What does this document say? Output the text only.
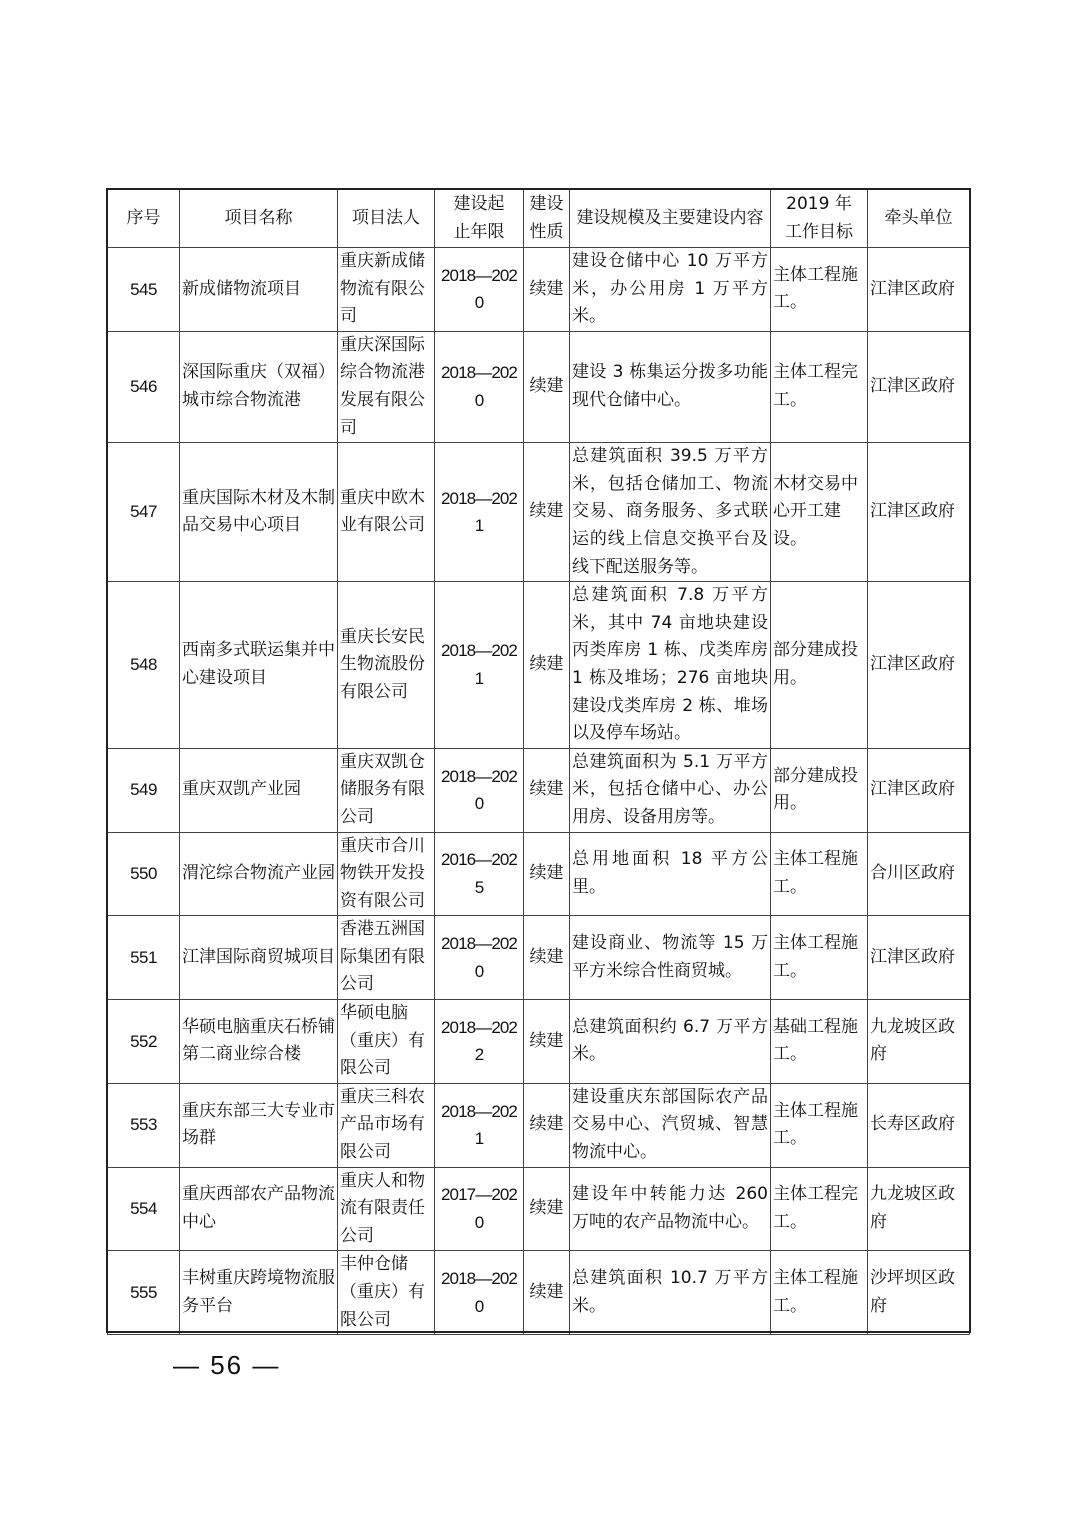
序号	项目名称	项目法人	建设起止年限	建设性质	建设规模及主要建设内容	2019 年工作目标	牵头单位
545	新成储物流项目	重庆新成储物流有限公司	2018—2020	续建	建设仓储中心 10 万平方米，办公用房 1 万平方米。	主体工程施工。	江津区政府
546	深国际重庆（双福）城市综合物流港	重庆深国际综合物流港发展有限公司	2018—2020	续建	建设 3 栋集运分拨多功能现代仓储中心。	主体工程完工。	江津区政府
547	重庆国际木材及木制品交易中心项目	重庆中欧木业有限公司	2018—2021	续建	总建筑面积 39.5 万平方米，包括仓储加工、物流交易、商务服务、多式联运的线上信息交换平台及线下配送服务等。	木材交易中心开工建设。	江津区政府
548	西南多式联运集并中心建设项目	重庆长安民生物流股份有限公司	2018—2021	续建	总建筑面积 7.8 万平方米，其中 74 亩地块建设丙类库房 1 栋、戊类库房 1 栋及堆场；276 亩地块建设戊类库房 2 栋、堆场以及停车场站。	部分建成投用。	江津区政府
549	重庆双凯产业园	重庆双凯仓储服务有限公司	2018—2020	续建	总建筑面积为 5.1 万平方米，包括仓储中心、办公用房、设备用房等。	部分建成投用。	江津区政府
550	渭沱综合物流产业园	重庆市合川物铁开发投资有限公司	2016—2025	续建	总用地面积 18 平方公里。	主体工程施工。	合川区政府
551	江津国际商贸城项目	香港五洲国际集团有限公司	2018—2020	续建	建设商业、物流等 15 万平方米综合性商贸城。	主体工程施工。	江津区政府
552	华硕电脑重庆石桥铺第二商业综合楼	华硕电脑（重庆）有限公司	2018—2022	续建	总建筑面积约 6.7 万平方米。	基础工程施工。	九龙坡区政府
553	重庆东部三大专业市场群	重庆三科农产品市场有限公司	2018—2021	续建	建设重庆东部国际农产品交易中心、汽贸城、智慧物流中心。	主体工程施工。	长寿区政府
554	重庆西部农产品物流中心	重庆人和物流有限责任公司	2017—2020	续建	建设年中转能力达 260 万吨的农产品物流中心。	主体工程完工。	九龙坡区政府
555	丰树重庆跨境物流服务平台	丰仲仓储（重庆）有限公司	2018—2020	续建	总建筑面积 10.7 万平方米。	主体工程施工。	沙坪坝区政府
— 56 —
